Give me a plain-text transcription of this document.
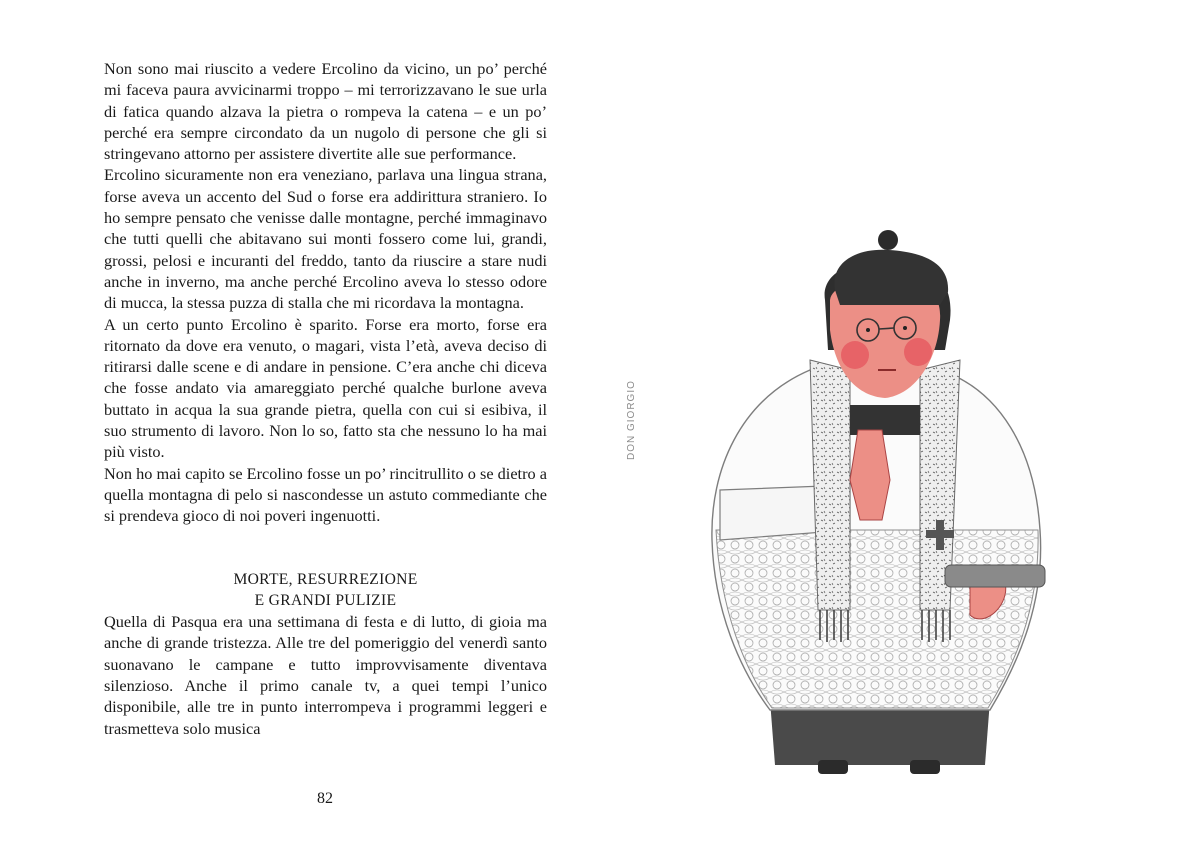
Non sono mai riuscito a vedere Ercolino da vicino, un po’ perché mi faceva paura avvicinarmi troppo – mi terrorizzavano le sue urla di fatica quando alzava la pietra o rompeva la catena – e un po’ perché era sempre circondato da un nugolo di persone che gli si stringevano attorno per assistere divertite alle sue performance.

Ercolino sicuramente non era veneziano, parlava una lingua strana, forse aveva un accento del Sud o forse era addirittura straniero. Io ho sempre pensato che venisse dalle montagne, perché immaginavo che tutti quelli che abitavano sui monti fossero come lui, grandi, grossi, pelosi e incuranti del freddo, tanto da riuscire a stare nudi anche in inverno, ma anche perché Ercolino aveva lo stesso odore di mucca, la stessa puzza di stalla che mi ricordava la montagna.

A un certo punto Ercolino è sparito. Forse era morto, forse era ritornato da dove era venuto, o magari, vista l’età, aveva deciso di ritirarsi dalle scene e di andare in pensione. C’era anche chi diceva che fosse andato via amareggiato perché qualche burlone aveva buttato in acqua la sua grande pietra, quella con cui si esibiva, il suo strumento di lavoro. Non lo so, fatto sta che nessuno lo ha mai più visto.

Non ho mai capito se Ercolino fosse un po’ rincitrullito o se dietro a quella montagna di pelo si nascondesse un astuto commediante che si prendeva gioco di noi poveri ingenuotti.

MORTE, RESURREZIONE
E GRANDI PULIZIE

Quella di Pasqua era una settimana di festa e di lutto, di gioia ma anche di grande tristezza. Alle tre del pomeriggio del venerdì santo suonavano le campane e tutto improvvisamente diventava silenzioso. Anche il primo canale tv, a quei tempi l’unico disponibile, alle tre in punto interrompeva i programmi leggeri e trasmetteva solo musica

82
DON GIORGIO
